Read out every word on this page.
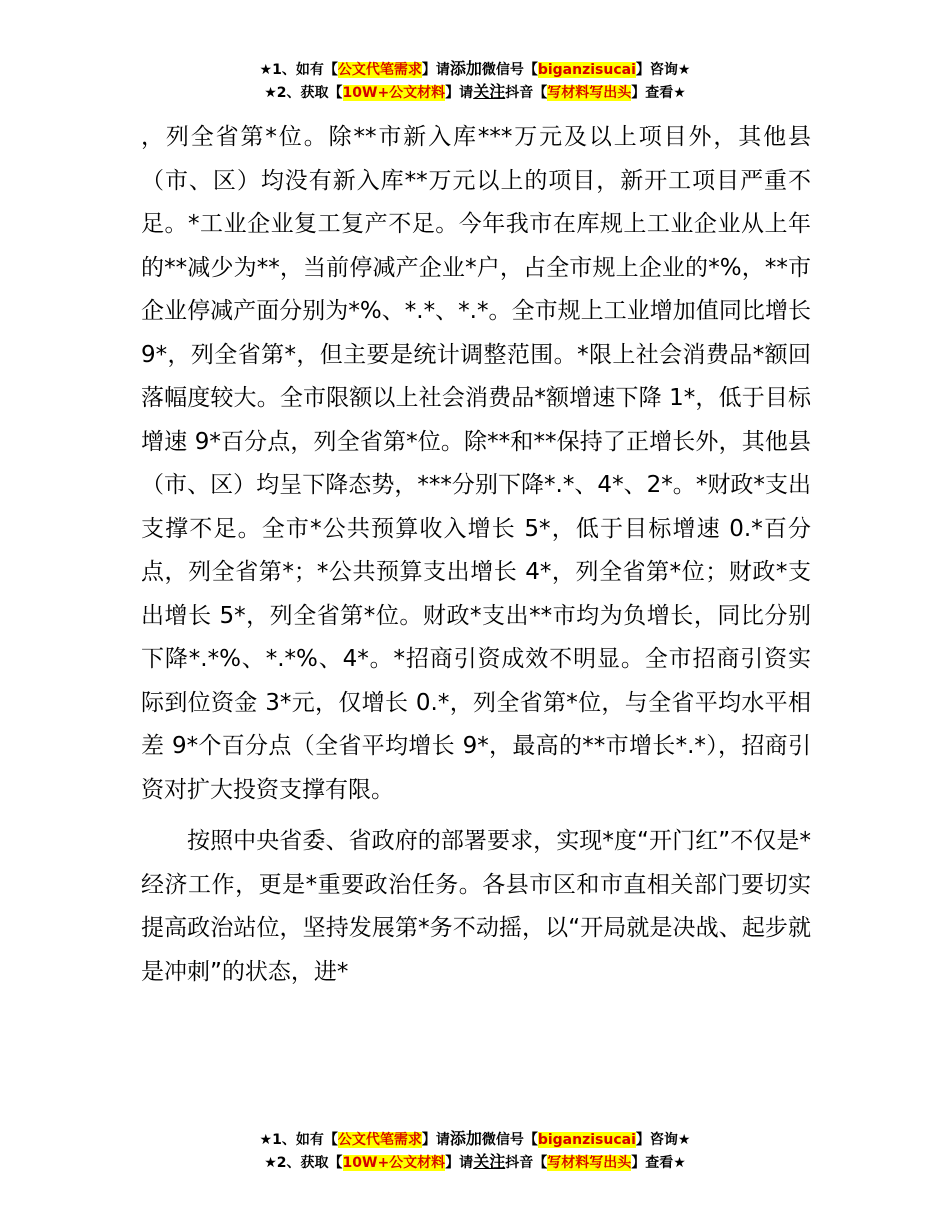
★1、如有【公文代笔需求】请添加微信号【biganzisucai】咨询★
★2、获取【10W+公文材料】请关注抖音【写材料写出头】查看★

，列全省第*位。除**市新入库***万元及以上项目外，其他县（市、区）均没有新入库**万元以上的项目，新开工项目严重不足。*工业企业复工复产不足。今年我市在库规上工业企业从上年的**减少为**，当前停减产企业*户，占全市规上企业的*%，**市企业停减产面分别为*%、*.*、*.*。全市规上工业增加值同比增长 9*，列全省第*，但主要是统计调整范围。*限上社会消费品*额回落幅度较大。全市限额以上社会消费品*额增速下降 1*，低于目标增速 9*百分点，列全省第*位。除**和**保持了正增长外，其他县（市、区）均呈下降态势，***分别下降*.*、4*、2*。*财政*支出支撑不足。全市*公共预算收入增长 5*，低于目标增速 0.*百分点，列全省第*；*公共预算支出增长 4*，列全省第*位；财政*支出增长 5*，列全省第*位。财政*支出**市均为负增长，同比分别下降*.*%、*.*%、4*。*招商引资成效不明显。全市招商引资实际到位资金 3*元，仅增长 0.*，列全省第*位，与全省平均水平相差 9*个百分点（全省平均增长 9*，最高的**市增长*.*），招商引资对扩大投资支撑有限。

按照中央省委、省政府的部署要求，实现*度“开门红”不仅是*经济工作，更是*重要政治任务。各县市区和市直相关部门要切实提高政治站位，坚持发展第*务不动摇，以“开局就是决战、起步就是冲刺”的状态，进*

★1、如有【公文代笔需求】请添加微信号【biganzisucai】咨询★
★2、获取【10W+公文材料】请关注抖音【写材料写出头】查看★
